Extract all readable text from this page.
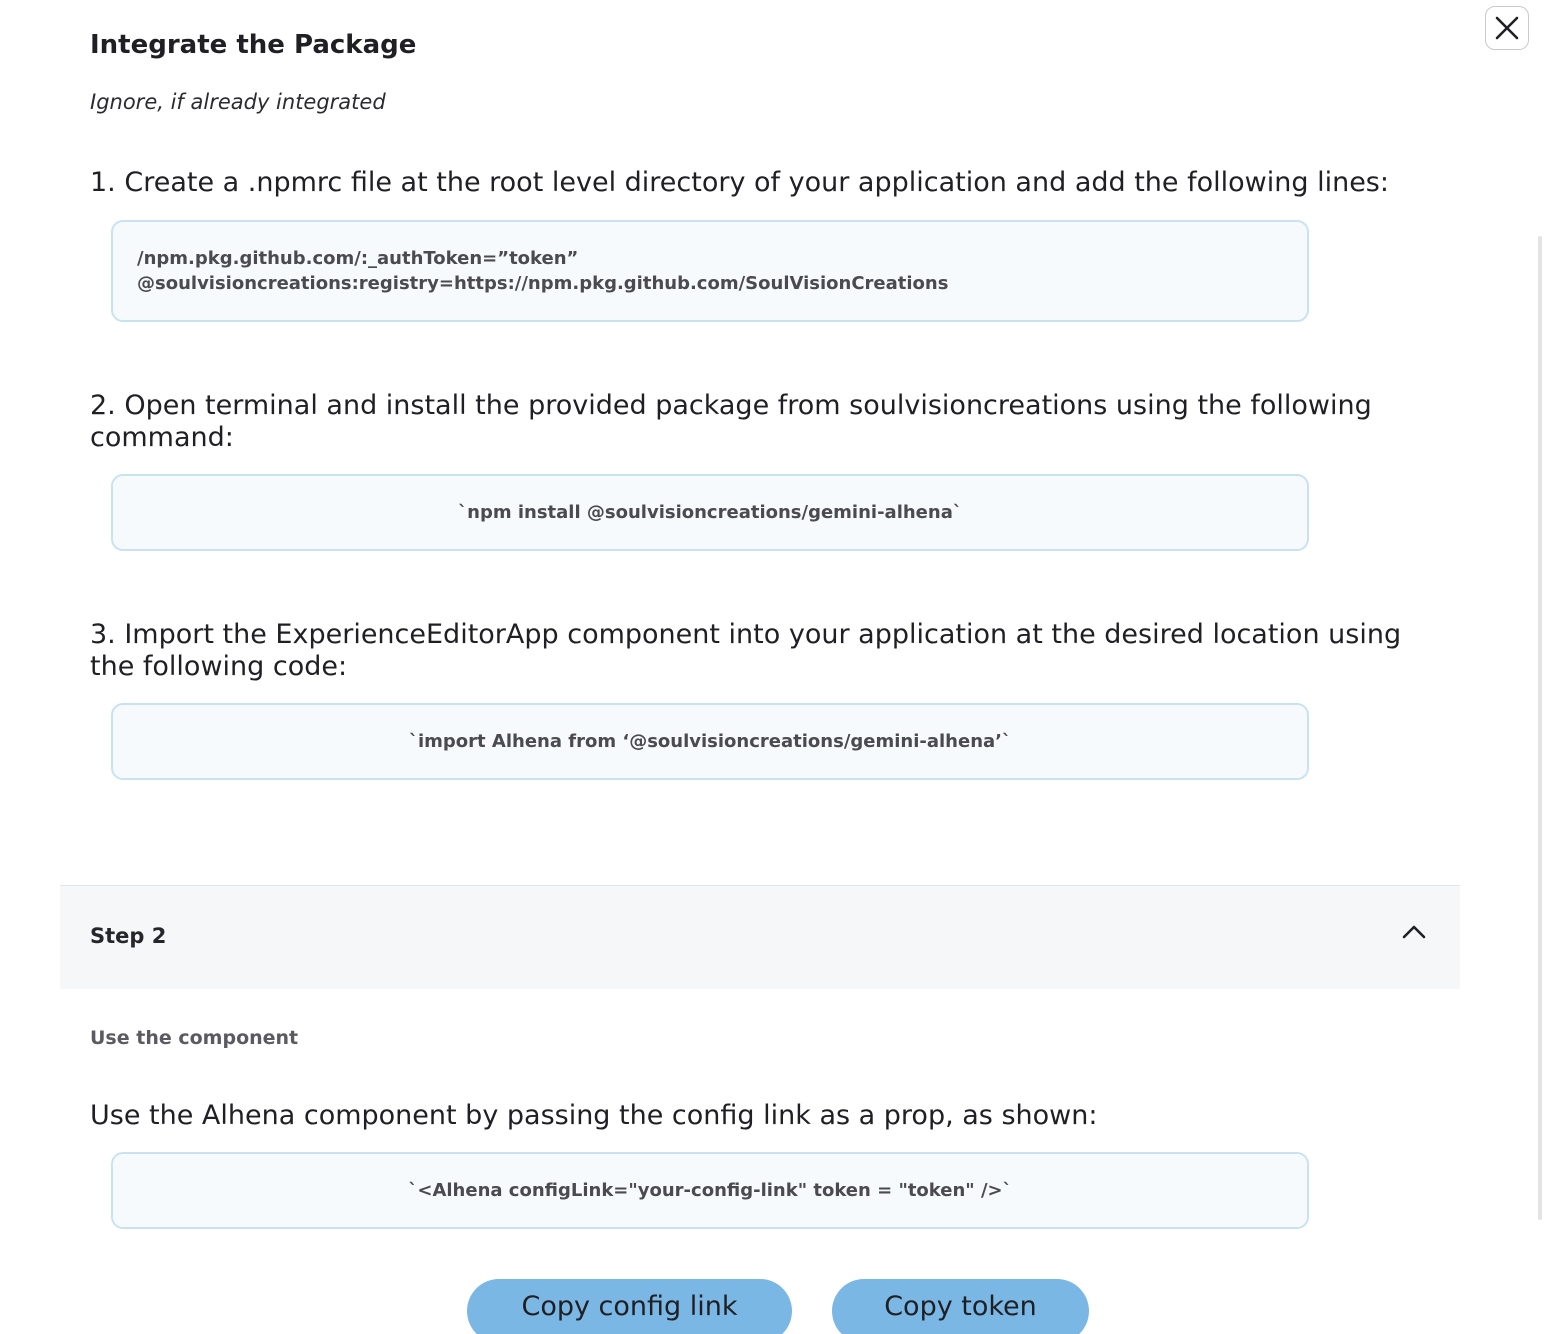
Integrate the Package
Ignore, if already integrated
1. Create a .npmrc file at the root level directory of your application and add the following lines:
/npm.pkg.github.com/:_authToken=”token”
@soulvisioncreations:registry=https://npm.pkg.github.com/SoulVisionCreations
2. Open terminal and install the provided package from soulvisioncreations using the following command:
`npm install @soulvisioncreations/gemini-alhena`
3. Import the ExperienceEditorApp component into your application at the desired location using the following code:
`import Alhena from ‘@soulvisioncreations/gemini-alhena’`
Step 2
Use the component
Use the Alhena component by passing the config link as a prop, as shown:
`<Alhena configLink="your-config-link" token = "token" />`
Copy config link	Copy token
